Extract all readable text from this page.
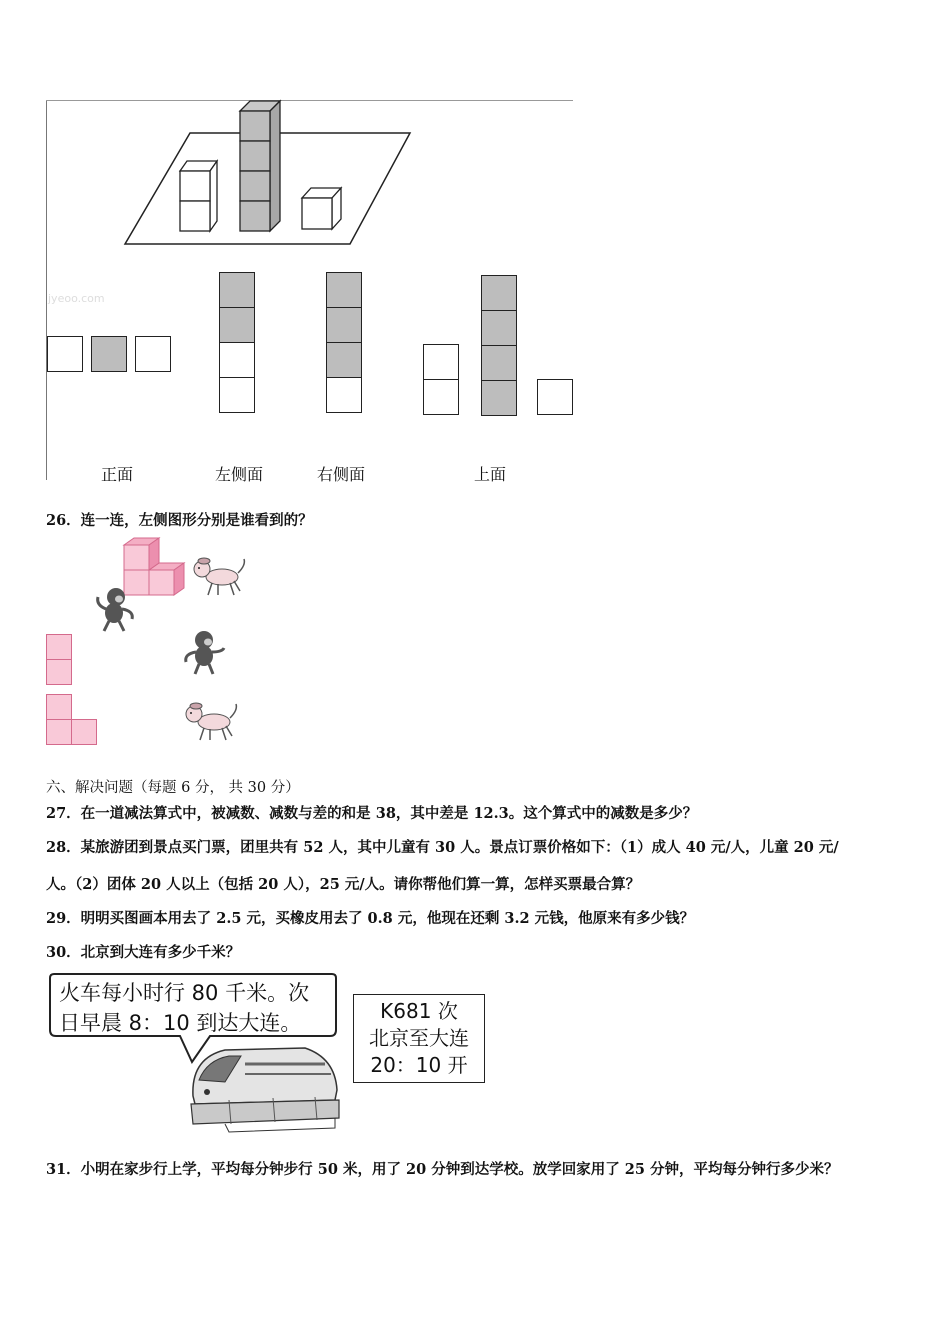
jyeoo.com
正面	左侧面	右侧面	上面
26．连一连，左侧图形分别是谁看到的？
六、解决问题（每题 6 分， 共 30 分）
27．在一道减法算式中，被减数、减数与差的和是 38，其中差是 12.3。这个算式中的减数是多少？
28．某旅游团到景点买门票，团里共有 52 人，其中儿童有 30 人。景点订票价格如下：（1）成人 40 元/人，儿童 20 元/
人。（2）团体 20 人以上（包括 20 人），25 元/人。请你帮他们算一算，怎样买票最合算？
29．明明买图画本用去了 2.5 元，买橡皮用去了 0.8 元，他现在还剩 3.2 元钱，他原来有多少钱？
30．北京到大连有多少千米？
火车每小时行 80 千米。次
日早晨 8：10 到达大连。	K681 次
北京至大连
20：10 开
31．小明在家步行上学，平均每分钟步行 50 米，用了 20 分钟到达学校。放学回家用了 25 分钟，平均每分钟行多少米？
